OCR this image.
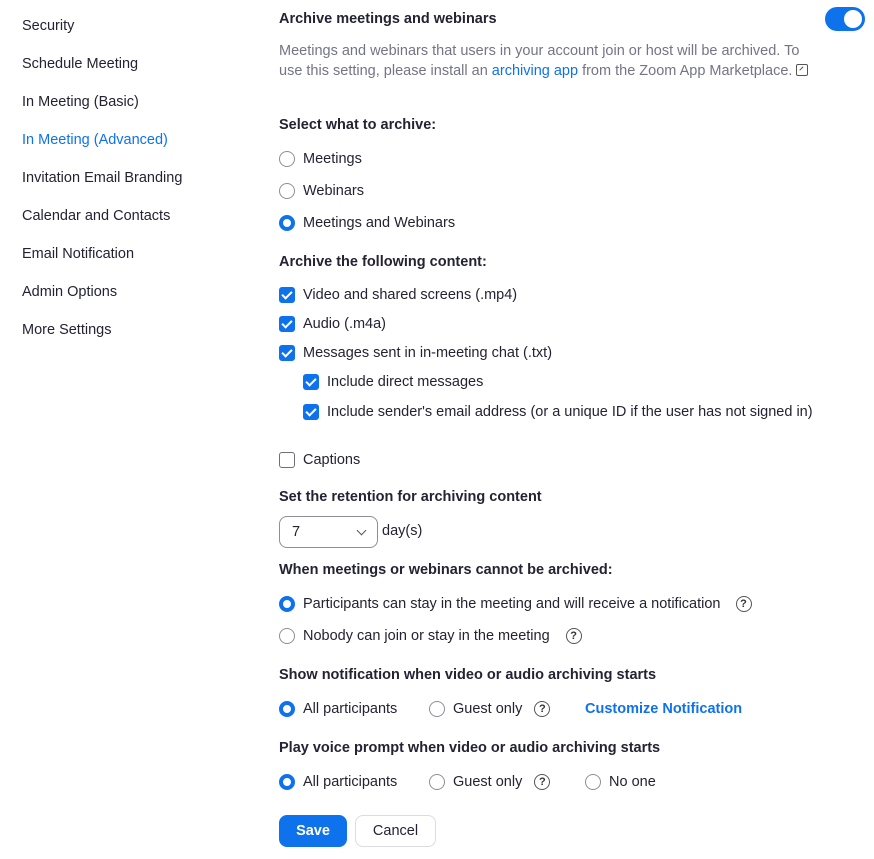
Security
Schedule Meeting
In Meeting (Basic)
In Meeting (Advanced)
Invitation Email Branding
Calendar and Contacts
Email Notification
Admin Options
More Settings
Archive meetings and webinars
Meetings and webinars that users in your account join or host will be archived. To use this setting, please install an archiving app from the Zoom App Marketplace.
Select what to archive:
Meetings
Webinars
Meetings and Webinars
Archive the following content:
Video and shared screens (.mp4)
Audio (.m4a)
Messages sent in in-meeting chat (.txt)
Include direct messages
Include sender's email address (or a unique ID if the user has not signed in)
Captions
Set the retention for archiving content
7	day(s)
When meetings or webinars cannot be archived:
Participants can stay in the meeting and will receive a notification	?
Nobody can join or stay in the meeting	?
Show notification when video or audio archiving starts
All participants	Guest only	?	Customize Notification
Play voice prompt when video or audio archiving starts
All participants	Guest only	?	No one
Save	Cancel
